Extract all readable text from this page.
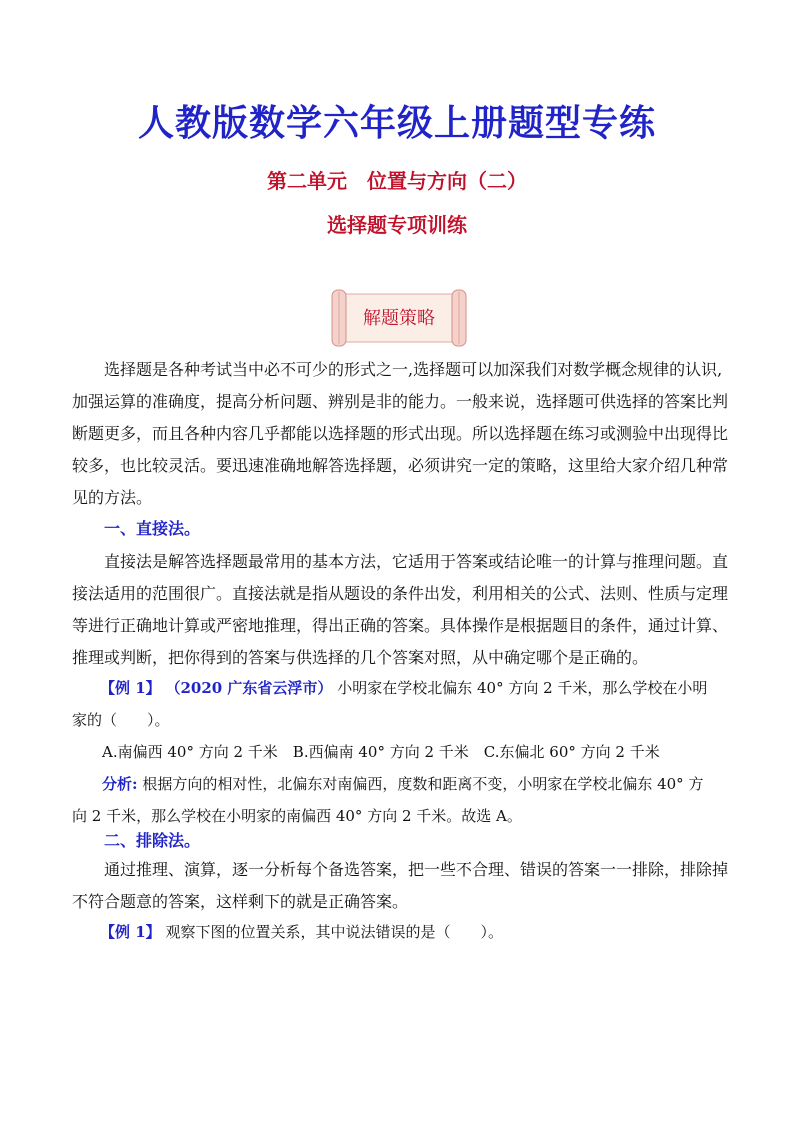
人教版数学六年级上册题型专练
第二单元　位置与方向（二）
选择题专项训练
解题策略
选择题是各种考试当中必不可少的形式之一,选择题可以加深我们对数学概念规律的认识,
加强运算的准确度，提高分析问题、辨别是非的能力。一般来说，选择题可供选择的答案比判
断题更多，而且各种内容几乎都能以选择题的形式出现。所以选择题在练习或测验中出现得比
较多，也比较灵活。要迅速准确地解答选择题，必须讲究一定的策略，这里给大家介绍几种常
见的方法。
一、直接法。
直接法是解答选择题最常用的基本方法，它适用于答案或结论唯一的计算与推理问题。直
接法适用的范围很广。直接法就是指从题设的条件出发，利用相关的公式、法则、性质与定理
等进行正确地计算或严密地推理，得出正确的答案。具体操作是根据题目的条件，通过计算、
推理或判断，把你得到的答案与供选择的几个答案对照，从中确定哪个是正确的。
【例 1】 （2020 广东省云浮市） 小明家在学校北偏东 40° 方向 2 千米，那么学校在小明
家的（　　）。
A.南偏西 40° 方向 2 千米　B.西偏南 40° 方向 2 千米　C.东偏北 60° 方向 2 千米
分析: 根据方向的相对性，北偏东对南偏西，度数和距离不变，小明家在学校北偏东 40° 方
向 2 千米，那么学校在小明家的南偏西 40° 方向 2 千米。故选 A。
二、排除法。
通过推理、演算，逐一分析每个备选答案，把一些不合理、错误的答案一一排除，排除掉
不符合题意的答案，这样剩下的就是正确答案。
【例 1】 观察下图的位置关系，其中说法错误的是（　　）。
